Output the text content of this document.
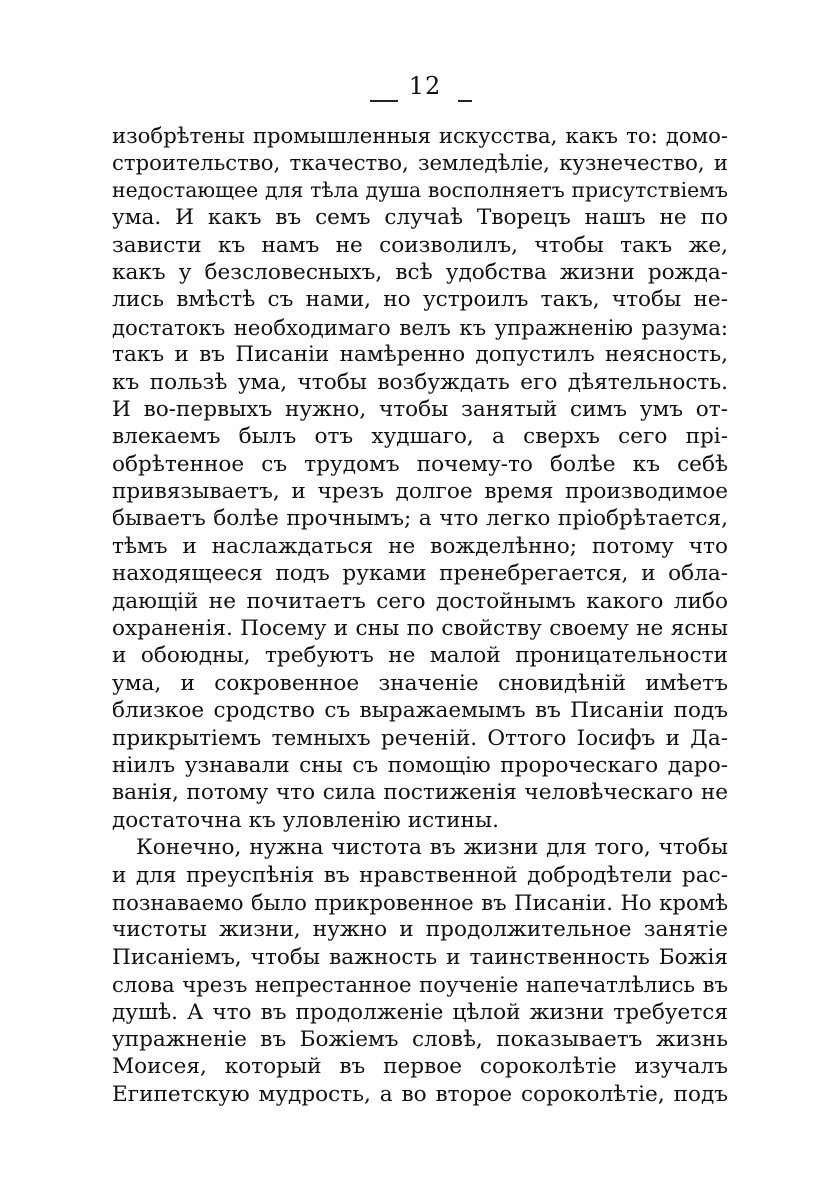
12
изобрѣтены промышленныя искусства, какъ то: домо-
строительство, ткачество, земледѣліе, кузнечество, и
недостающее для тѣла душа восполняетъ присутствіемъ
ума. И какъ въ семъ случаѣ Творецъ нашъ не по
зависти къ намъ не соизволилъ, чтобы такъ же,
какъ у безсловесныхъ, всѣ удобства жизни рожда-
лись вмѣстѣ съ нами, но устроилъ такъ, чтобы не-
достатокъ необходимаго велъ къ упражненію разума:
такъ и въ Писаніи намѣренно допустилъ неясность,
къ пользѣ ума, чтобы возбуждать его дѣятельность.
И во-первыхъ нужно, чтобы занятый симъ умъ от-
влекаемъ былъ отъ худшаго, а сверхъ сего прі-
обрѣтенное съ трудомъ почему-то болѣе къ себѣ
привязываетъ, и чрезъ долгое время производимое
бываетъ болѣе прочнымъ; а что легко пріобрѣтается,
тѣмъ и наслаждаться не вожделѣнно; потому что
находящееся подъ руками пренебрегается, и обла-
дающій не почитаетъ сего достойнымъ какого либо
охраненія. Посему и сны по свойству своему не ясны
и обоюдны, требуютъ не малой проницательности
ума, и сокровенное значеніе сновидѣній имѣетъ
близкое сродство съ выражаемымъ въ Писаніи подъ
прикрытіемъ темныхъ реченій. Оттого Іосифъ и Да-
ніилъ узнавали сны съ помощію пророческаго даро-
ванія, потому что сила постиженія человѣческаго не
достаточна къ уловленію истины.
Конечно, нужна чистота въ жизни для того, чтобы
и для преуспѣнія въ нравственной добродѣтели рас-
познаваемо было прикровенное въ Писаніи. Но кромѣ
чистоты жизни, нужно и продолжительное занятіе
Писаніемъ, чтобы важность и таинственность Божія
слова чрезъ непрестанное поученіе напечатлѣлись въ
душѣ. А что въ продолженіе цѣлой жизни требуется
упражненіе въ Божіемъ словѣ, показываетъ жизнь
Моисея, который въ первое сороколѣтіе изучалъ
Египетскую мудрость, а во второе сороколѣтіе, подъ
